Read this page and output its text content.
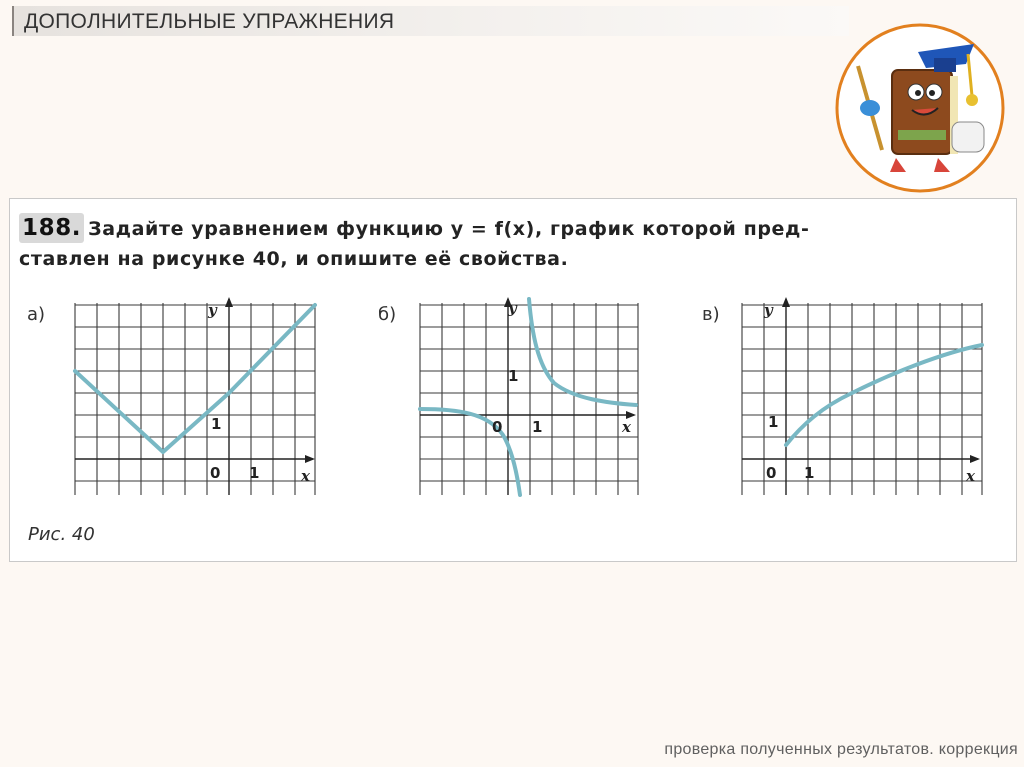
ДОПОЛНИТЕЛЬНЫЕ УПРАЖНЕНИЯ
188. Задайте уравнением функцию y = f(x), график которой пред-
ставлен на рисунке 40, и опишите её свойства.
а)	y
x
0
1
1
б)	y
x
0
1
1
в)	y
x
0
1
1
Рис. 40
проверка полученных результатов. коррекция
